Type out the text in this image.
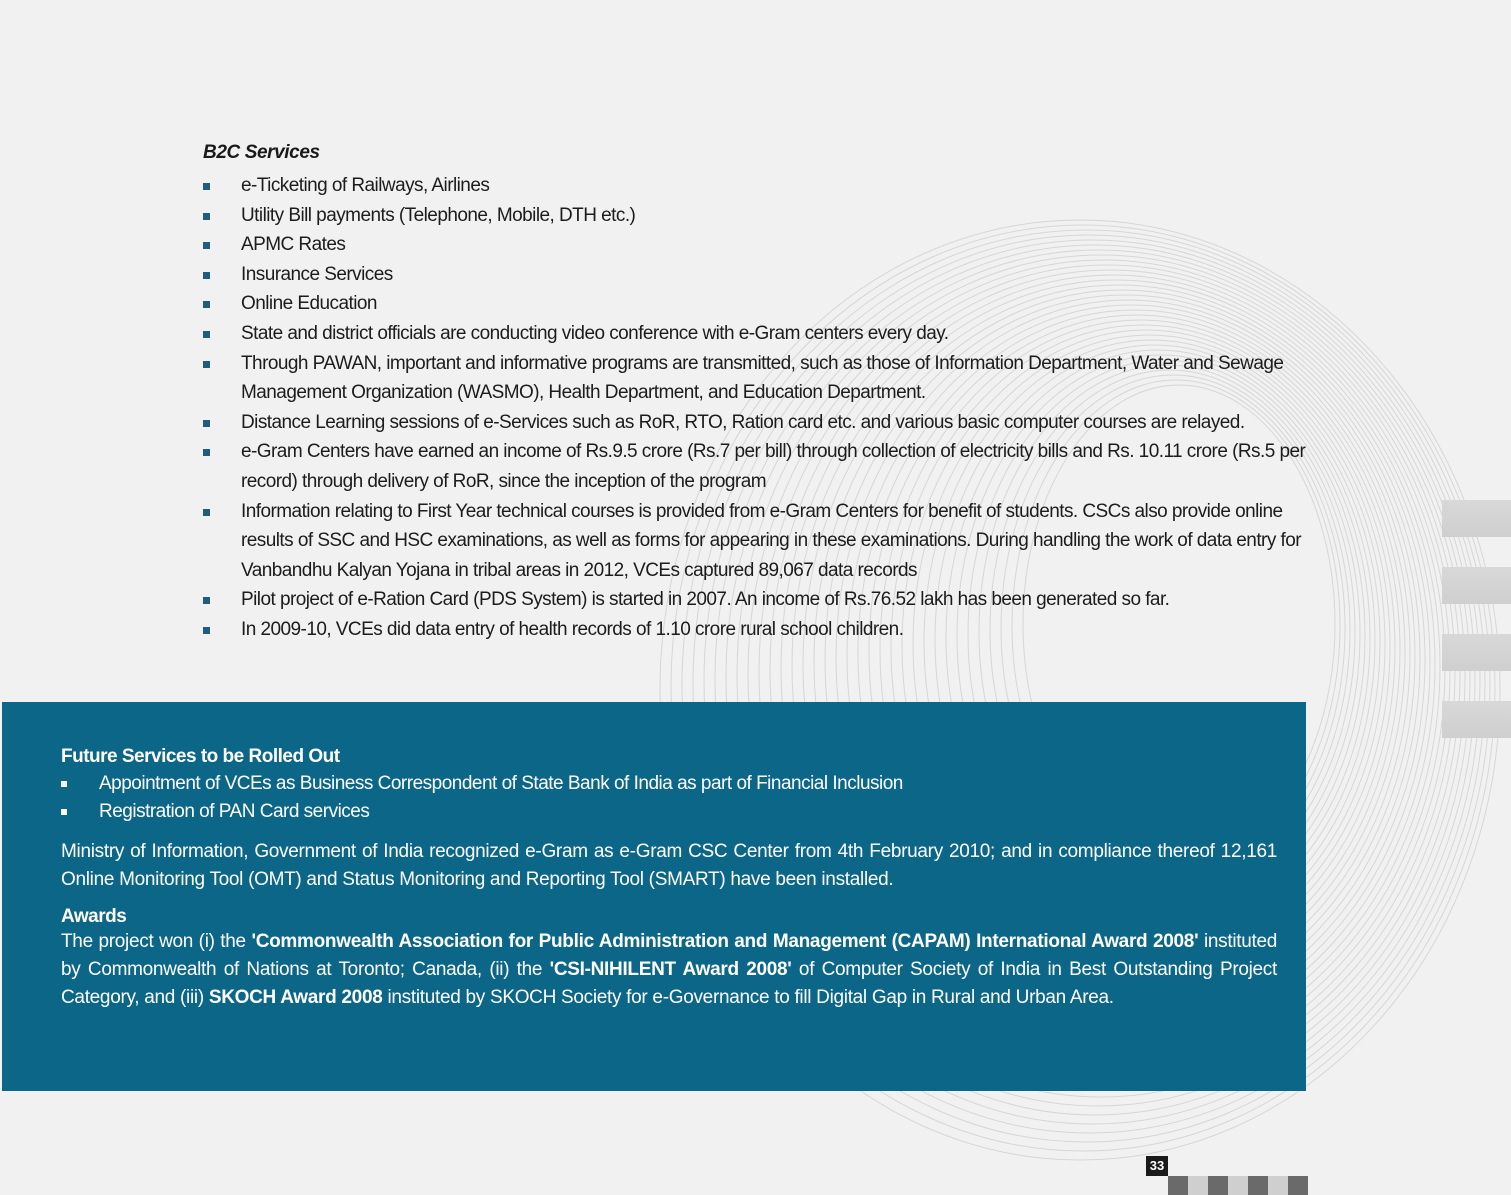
B2C Services
e-Ticketing of Railways, Airlines
Utility Bill payments (Telephone, Mobile, DTH etc.)
APMC Rates
Insurance Services
Online Education
State and district officials are conducting video conference with e-Gram centers every day.
Through PAWAN, important and informative programs are transmitted, such as those of Information Department, Water and Sewage Management Organization (WASMO), Health Department, and Education Department.
Distance Learning sessions of e-Services such as RoR, RTO, Ration card etc. and various basic computer courses are relayed.
e-Gram Centers have earned an income of Rs.9.5 crore (Rs.7 per bill) through collection of electricity bills and Rs. 10.11 crore (Rs.5 per record) through delivery of RoR, since the inception of the program
Information relating to First Year technical courses is provided from e-Gram Centers for benefit of students. CSCs also provide online results of SSC and HSC examinations, as well as forms for appearing in these examinations. During handling the work of data entry for Vanbandhu Kalyan Yojana in tribal areas in 2012, VCEs captured 89,067 data records
Pilot project of e-Ration Card (PDS System) is started in 2007. An income of Rs.76.52 lakh has been generated so far.
In 2009-10, VCEs did data entry of health records of 1.10 crore rural school children.
Future Services to be Rolled Out
Appointment of VCEs as Business Correspondent of State Bank of India as part of Financial Inclusion
Registration of PAN Card services

Ministry of Information, Government of India recognized e-Gram as e-Gram CSC Center from 4th February 2010; and in compliance thereof 12,161 Online Monitoring Tool (OMT) and Status Monitoring and Reporting Tool (SMART) have been installed.

Awards

The project won (i) the 'Commonwealth Association for Public Administration and Management (CAPAM) International Award 2008' instituted by Commonwealth of Nations at Toronto; Canada, (ii) the 'CSI-NIHILENT Award 2008' of Computer Society of India in Best Outstanding Project Category, and (iii) SKOCH Award 2008 instituted by SKOCH Society for e-Governance to fill Digital Gap in Rural and Urban Area.

33
